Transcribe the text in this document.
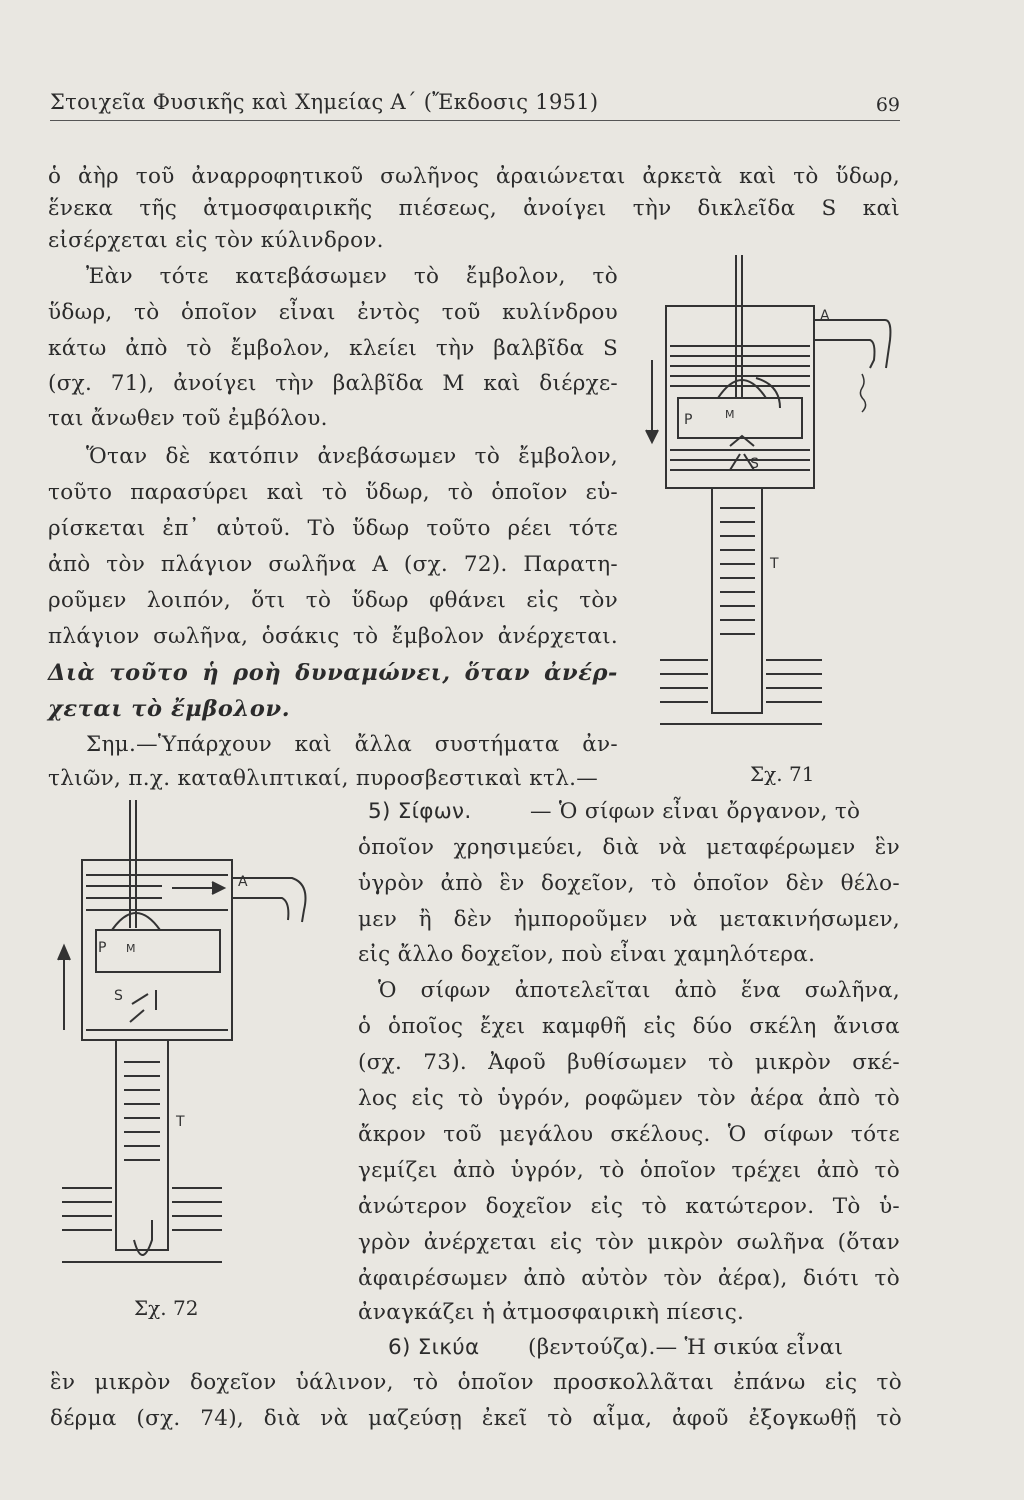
Στοιχεῖα Φυσικῆς καὶ Χημείας Α΄ (Ἔκδοσις 1951)	69
ὁ ἀὴρ τοῦ ἀναρροφητικοῦ σωλῆνος ἀραιώνεται ἀρκετὰ καὶ τὸ ὕδωρ,
ἕνεκα τῆς ἀτμοσφαιρικῆς πιέσεως, ἀνοίγει τὴν δικλεῖδα S καὶ
εἰσέρχεται εἰς τὸν κύλινδρον.
Ἐὰν τότε κατεβάσωμεν τὸ ἔμβολον, τὸ
ὕδωρ, τὸ ὁποῖον εἶναι ἐντὸς τοῦ κυλίνδρου
κάτω ἀπὸ τὸ ἔμβολον, κλείει τὴν βαλβῖδα S
(σχ. 71), ἀνοίγει τὴν βαλβῖδα Μ καὶ διέρχε-
ται ἄνωθεν τοῦ ἐμβόλου.
Ὅταν δὲ κατόπιν ἀνεβάσωμεν τὸ ἔμβολον,
τοῦτο παρασύρει καὶ τὸ ὕδωρ, τὸ ὁποῖον εὑ-
ρίσκεται ἐπ᾽ αὐτοῦ. Τὸ ὕδωρ τοῦτο ρέει τότε
ἀπὸ τὸν πλάγιον σωλῆνα Α (σχ. 72). Παρατη-
ροῦμεν λοιπόν, ὅτι τὸ ὕδωρ φθάνει εἰς τὸν
πλάγιον σωλῆνα, ὁσάκις τὸ ἔμβολον ἀνέρχεται.
Διὰ τοῦτο ἡ ροὴ δυναμώνει, ὅταν ἀνέρ-
χεται τὸ ἔμβολον.
Σημ.—Ὑπάρχουν καὶ ἄλλα συστήματα ἀν-
τλιῶν, π.χ. καταθλιπτικαί, πυροσβεστικαὶ κτλ.—
5) Σίφων.	— Ὁ σίφων εἶναι ὄργανον, τὸ
ὁποῖον χρησιμεύει, διὰ νὰ μεταφέρωμεν ἓν
ὑγρὸν ἀπὸ ἓν δοχεῖον, τὸ ὁποῖον δὲν θέλο-
μεν ἢ δὲν ἠμποροῦμεν νὰ μετακινήσωμεν,
εἰς ἄλλο δοχεῖον, ποὺ εἶναι χαμηλότερα.
Ὁ σίφων ἀποτελεῖται ἀπὸ ἕνα σωλῆνα,
ὁ ὁποῖος ἔχει καμφθῆ εἰς δύο σκέλη ἄνισα
(σχ. 73). Ἀφοῦ βυθίσωμεν τὸ μικρὸν σκέ-
λος εἰς τὸ ὑγρόν, ροφῶμεν τὸν ἀέρα ἀπὸ τὸ
ἄκρον τοῦ μεγάλου σκέλους. Ὁ σίφων τότε
γεμίζει ἀπὸ ὑγρόν, τὸ ὁποῖον τρέχει ἀπὸ τὸ
ἀνώτερον δοχεῖον εἰς τὸ κατώτερον. Τὸ ὑ-
γρὸν ἀνέρχεται εἰς τὸν μικρὸν σωλῆνα (ὅταν
ἀφαιρέσωμεν ἀπὸ αὐτὸν τὸν ἀέρα), διότι τὸ
ἀναγκάζει ἡ ἀτμοσφαιρικὴ πίεσις.
6) Σικύα (βεντούζα).— Ἡ σικύα εἶναι
ἓν μικρὸν δοχεῖον ὑάλινον, τὸ ὁποῖον προσκολλᾶται ἐπάνω εἰς τὸ
δέρμα (σχ. 74), διὰ νὰ μαζεύσῃ ἐκεῖ τὸ αἷμα, ἀφοῦ ἐξογκωθῇ τὸ
A
P	M
S
T
Σχ. 71
A
P M
S
T
Σχ. 72
